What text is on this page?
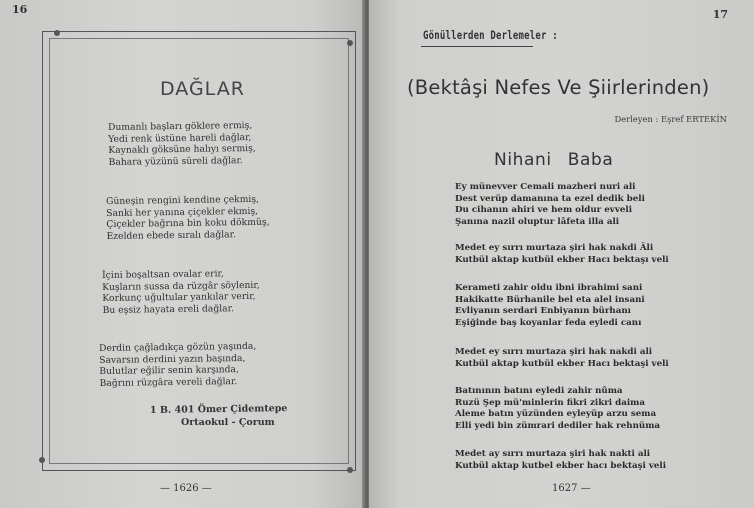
16
DAĞLAR
Dumanlı başları göklere ermiş,
Yedi renk üstüne hareli dağlar,
Kaynaklı göksüne halıyı sermiş,
Bahara yüzünü süreli dağlar.
Güneşin rengini kendine çekmiş,
Sanki her yanına çiçekler ekmiş,
Çiçekler bağrına bin koku dökmüş,
Ezelden ebede sıralı dağlar.
İçini boşaltsan ovalar erir,
Kuşların sussa da rüzgâr söylenir,
Korkunç uğultular yankılar verir,
Bu eşsiz hayata ereli dağlar.
Derdin çağladıkça gözün yaşında,
Savarsın derdini yazın başında,
Bulutlar eğilir senin karşında,
Bağrını rüzgâra vereli dağlar.
1 B. 401 Ömer Çidemtepe
Ortaokul - Çorum
— 1626 —
17
Gönüllerden Derlemeler :
(Bektâşi Nefes Ve Şiirlerinden)
Derleyen : Eşref ERTEKİN
Nihani Baba
Ey münevver Cemali mazheri nuri ali
Dest verüp damanına ta ezel dedik beli
Du cihanın ahiri ve hem oldur evveli
Şanına nazil oluptur lâfeta illa ali
Medet ey sırrı murtaza şiri hak nakdi Âli
Kutbül aktap kutbül ekber Hacı bektaşı veli
Kerameti zahir oldu ibni ibrahimi sani
Hakikatte Bürhanile bel eta alel insani
Evliyanın serdari Enbiyanın bürhanı
Eşiğinde baş koyanlar feda eyledi canı
Medet ey sırrı murtaza şiri hak nakdi ali
Kutbül aktap kutbül ekber Hacı bektaşi veli
Batınının batını eyledi zahir nûma
Ruzü Şep mü'minlerin fikri zikri daima
Aleme batın yüzünden eyleyüp arzu sema
Elli yedi bin zümrari dediler hak rehnüma
Medet ay sırrı murtaza şiri hak nakti ali
Kutbül aktap kutbel ekber hacı bektaşi veli
1627 —
